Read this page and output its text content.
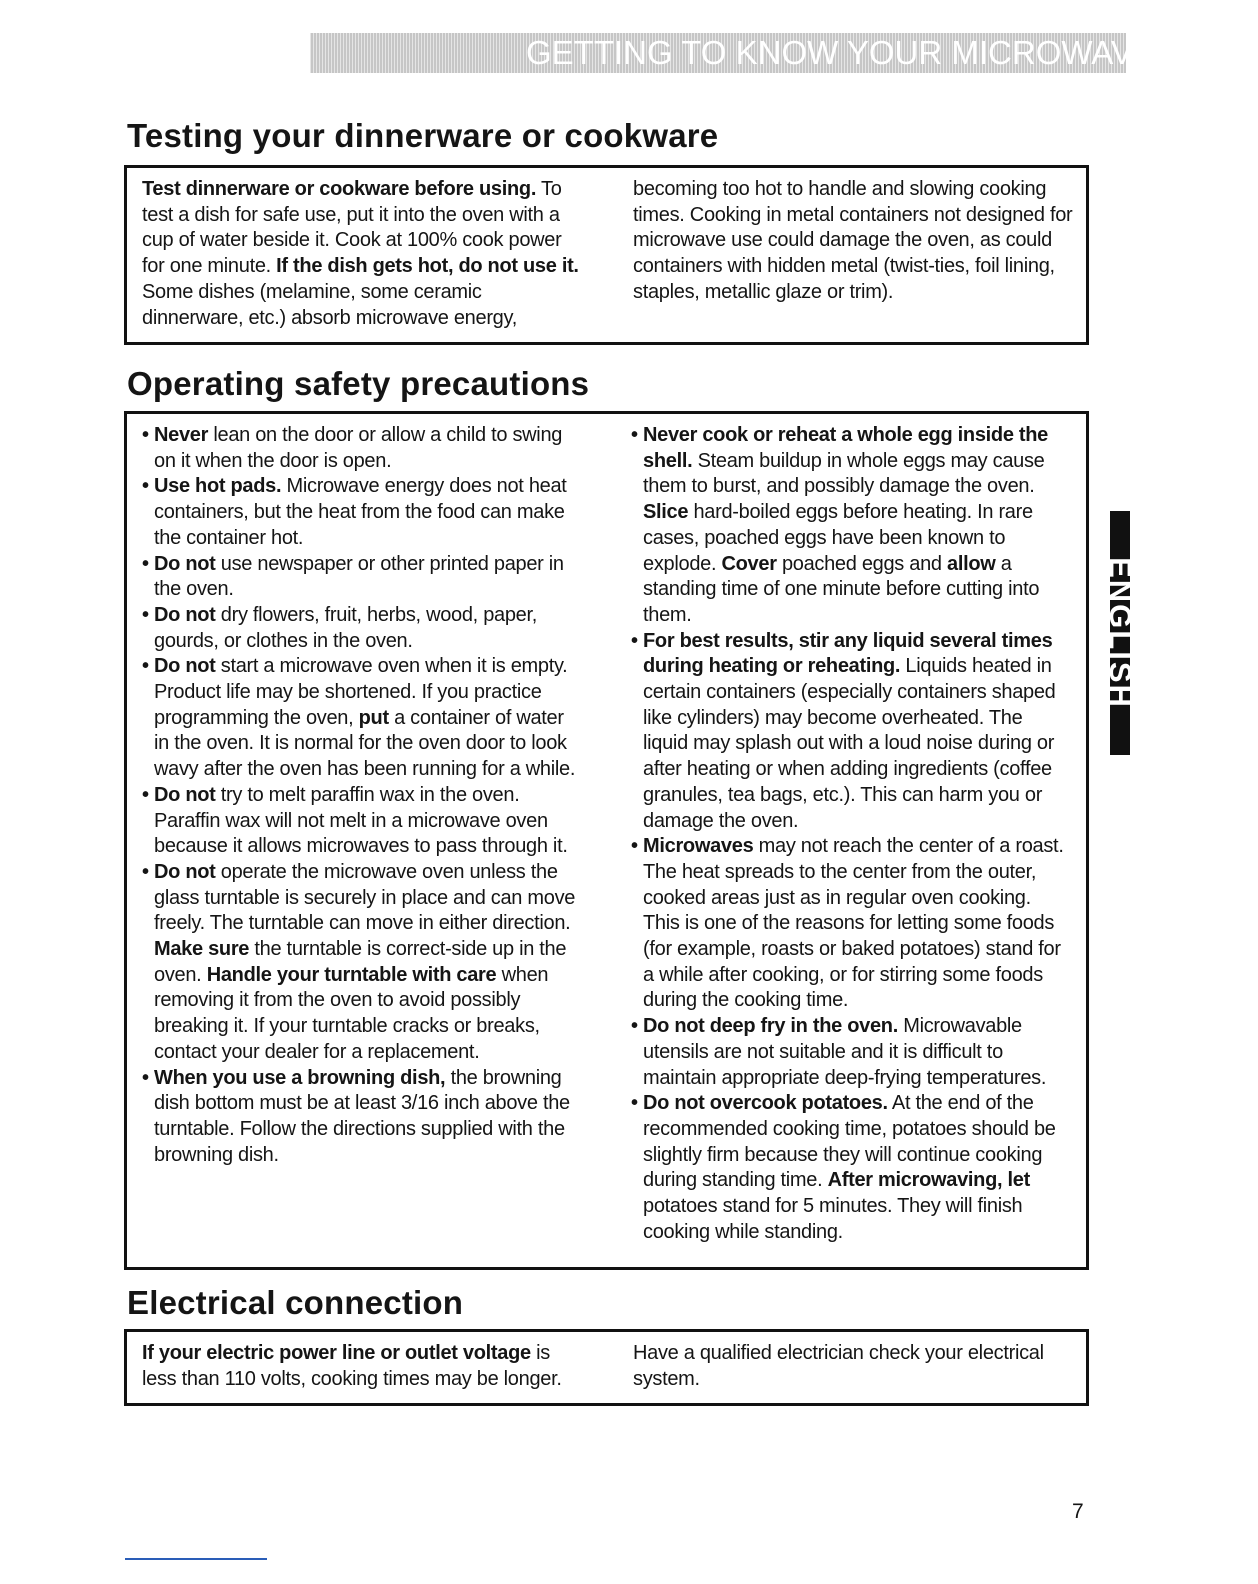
GETTING TO KNOW YOUR MICROWAVE OVEN
Testing your dinnerware or cookware

Test dinnerware or cookware before using. To test a dish for safe use, put it into the oven with a cup of water beside it. Cook at 100% cook power for one minute. If the dish gets hot, do not use it. Some dishes (melamine, some ceramic dinnerware, etc.) absorb microwave energy,

becoming too hot to handle and slowing cooking times. Cooking in metal containers not designed for microwave use could damage the oven, as could containers with hidden metal (twist-ties, foil lining, staples, metallic glaze or trim).

Operating safety precautions
• Never lean on the door or allow a child to swing on it when the door is open.
• Use hot pads. Microwave energy does not heat containers, but the heat from the food can make the container hot.
• Do not use newspaper or other printed paper in the oven.
• Do not dry flowers, fruit, herbs, wood, paper, gourds, or clothes in the oven.
• Do not start a microwave oven when it is empty. Product life may be shortened. If you practice programming the oven, put a container of water in the oven. It is normal for the oven door to look wavy after the oven has been running for a while.
• Do not try to melt paraffin wax in the oven. Paraffin wax will not melt in a microwave oven because it allows microwaves to pass through it.
• Do not operate the microwave oven unless the glass turntable is securely in place and can move freely. The turntable can move in either direction. Make sure the turntable is correct-side up in the oven. Handle your turntable with care when removing it from the oven to avoid possibly breaking it. If your turntable cracks or breaks, contact your dealer for a replacement.
• When you use a browning dish, the browning dish bottom must be at least 3/16 inch above the turntable. Follow the directions supplied with the browning dish.
• Never cook or reheat a whole egg inside the shell. Steam buildup in whole eggs may cause them to burst, and possibly damage the oven. Slice hard-boiled eggs before heating. In rare cases, poached eggs have been known to explode. Cover poached eggs and allow a standing time of one minute before cutting into them.
• For best results, stir any liquid several times during heating or reheating. Liquids heated in certain containers (especially containers shaped like cylinders) may become overheated. The liquid may splash out with a loud noise during or after heating or when adding ingredients (coffee granules, tea bags, etc.). This can harm you or damage the oven.
• Microwaves may not reach the center of a roast. The heat spreads to the center from the outer, cooked areas just as in regular oven cooking. This is one of the reasons for letting some foods (for example, roasts or baked potatoes) stand for a while after cooking, or for stirring some foods during the cooking time.
• Do not deep fry in the oven. Microwavable utensils are not suitable and it is difficult to maintain appropriate deep-frying temperatures.
• Do not overcook potatoes. At the end of the recommended cooking time, potatoes should be slightly firm because they will continue cooking during standing time. After microwaving, let potatoes stand for 5 minutes. They will finish cooking while standing.
Electrical connection

If your electric power line or outlet voltage is less than 110 volts, cooking times may be longer.

Have a qualified electrician check your electrical system.

ENGLISH
7
